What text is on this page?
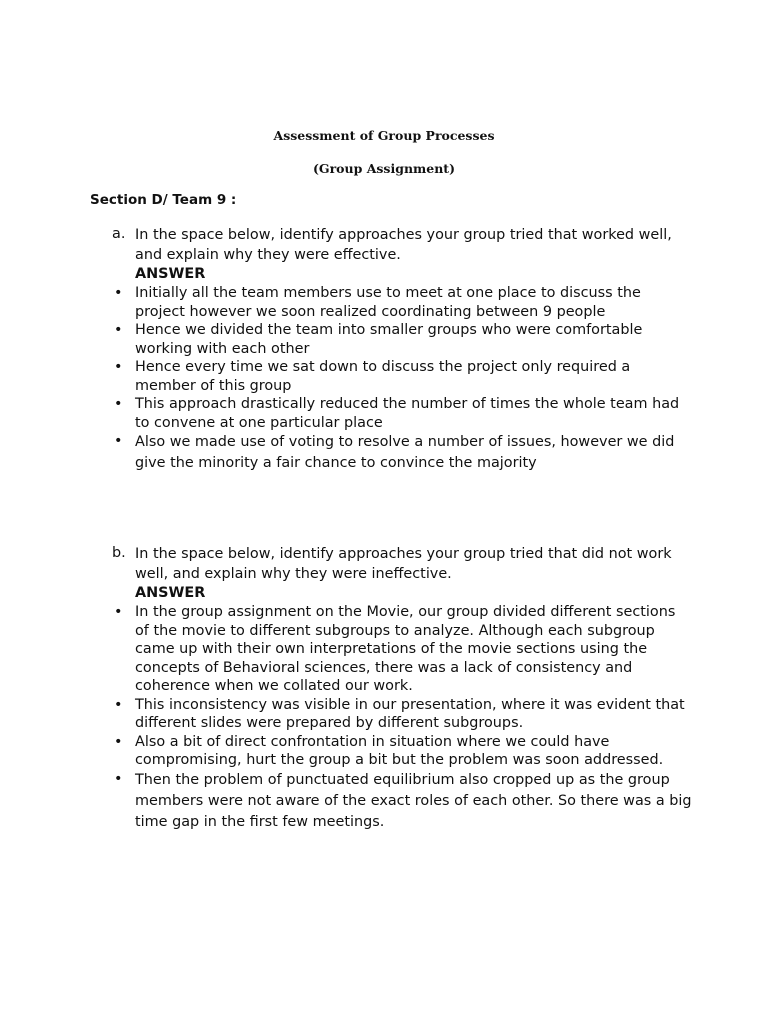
Assessment of Group Processes
(Group Assignment)
Section D/ Team 9 :
a. In the space below, identify approaches your group tried that worked well, and explain why they were effective.
ANSWER
• Initially all the team members use to meet at one place to discuss the project however we soon realized coordinating between 9 people
• Hence we divided the team into smaller groups who were comfortable working with each other
• Hence every time we sat down to discuss the project only required a member of this group
• This approach drastically reduced the number of times the whole team had to convene at one particular place
• Also we made use of voting to resolve a number of issues, however we did give the minority a fair chance to convince the majority
b. In the space below, identify approaches your group tried that did not work well, and explain why they were ineffective.
ANSWER
• In the group assignment on the Movie, our group divided different sections of the movie to different subgroups to analyze. Although each subgroup came up with their own interpretations of the movie sections using the concepts of Behavioral sciences, there was a lack of consistency and coherence when we collated our work.
• This inconsistency was visible in our presentation, where it was evident that different slides were prepared by different subgroups.
• Also a bit of direct confrontation in situation where we could have compromising, hurt the group a bit but the problem was soon addressed.
• Then the problem of punctuated equilibrium also cropped up as the group members were not aware of the exact roles of each other. So there was a big time gap in the first few meetings.
